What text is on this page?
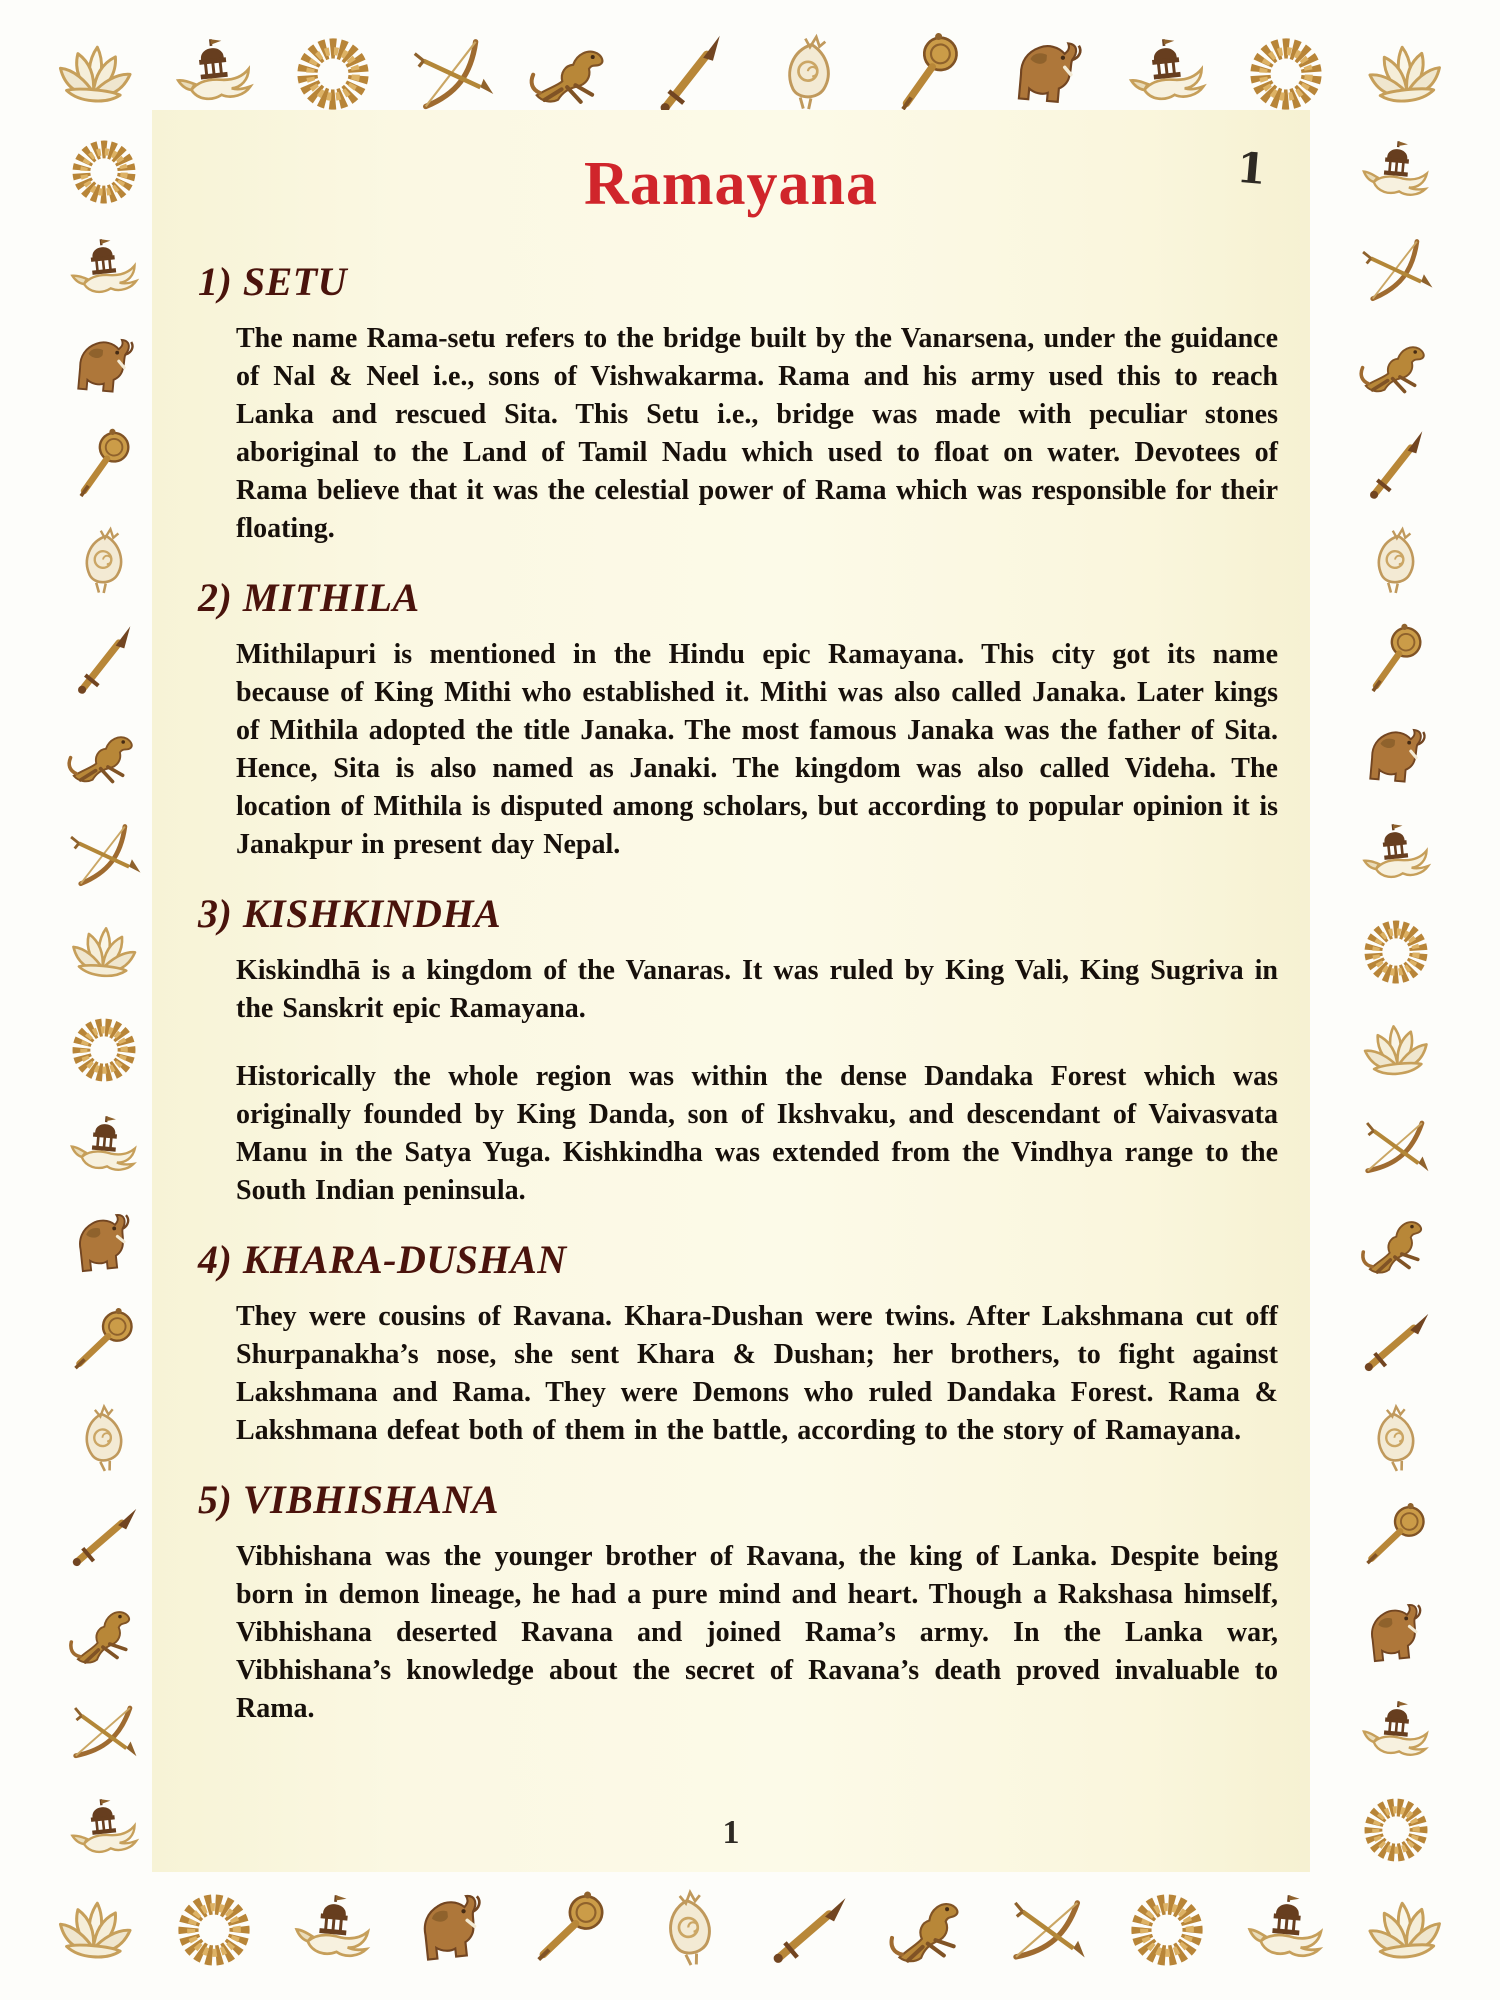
1
Ramayana
1) SETU

The name Rama-setu refers to the bridge built by the Vanarsena, under the guidance of Nal & Neel i.e., sons of Vishwakarma. Rama and his army used this to reach Lanka and rescued Sita. This Setu i.e., bridge was made with peculiar stones aboriginal to the Land of Tamil Nadu which used to float on water. Devotees of Rama believe that it was the celestial power of Rama which was responsible for their floating.

2) MITHILA

Mithilapuri is mentioned in the Hindu epic Ramayana. This city got its name because of King Mithi who established it. Mithi was also called Janaka. Later kings of Mithila adopted the title Janaka. The most famous Janaka was the father of Sita. Hence, Sita is also named as Janaki. The kingdom was also called Videha. The location of Mithila is disputed among scholars, but according to popular opinion it is Janakpur in present day Nepal.

3) KISHKINDHA

Kiskindhā is a kingdom of the Vanaras. It was ruled by King Vali, King Sugriva in the Sanskrit epic Ramayana.

Historically the whole region was within the dense Dandaka Forest which was originally founded by King Danda, son of Ikshvaku, and descendant of Vaivasvata Manu in the Satya Yuga. Kishkindha was extended from the Vindhya range to the South Indian peninsula.

4) KHARA-DUSHAN

They were cousins of Ravana. Khara-Dushan were twins. After Lakshmana cut off Shurpanakha’s nose, she sent Khara & Dushan; her brothers, to fight against Lakshmana and Rama. They were Demons who ruled Dandaka Forest. Rama & Lakshmana defeat both of them in the battle, according to the story of Ramayana.

5) VIBHISHANA

Vibhishana was the younger brother of Ravana, the king of Lanka. Despite being born in demon lineage, he had a pure mind and heart. Though a Rakshasa himself, Vibhishana deserted Ravana and joined Rama’s army. In the Lanka war, Vibhishana’s knowledge about the secret of Ravana’s death proved invaluable to Rama.

1
